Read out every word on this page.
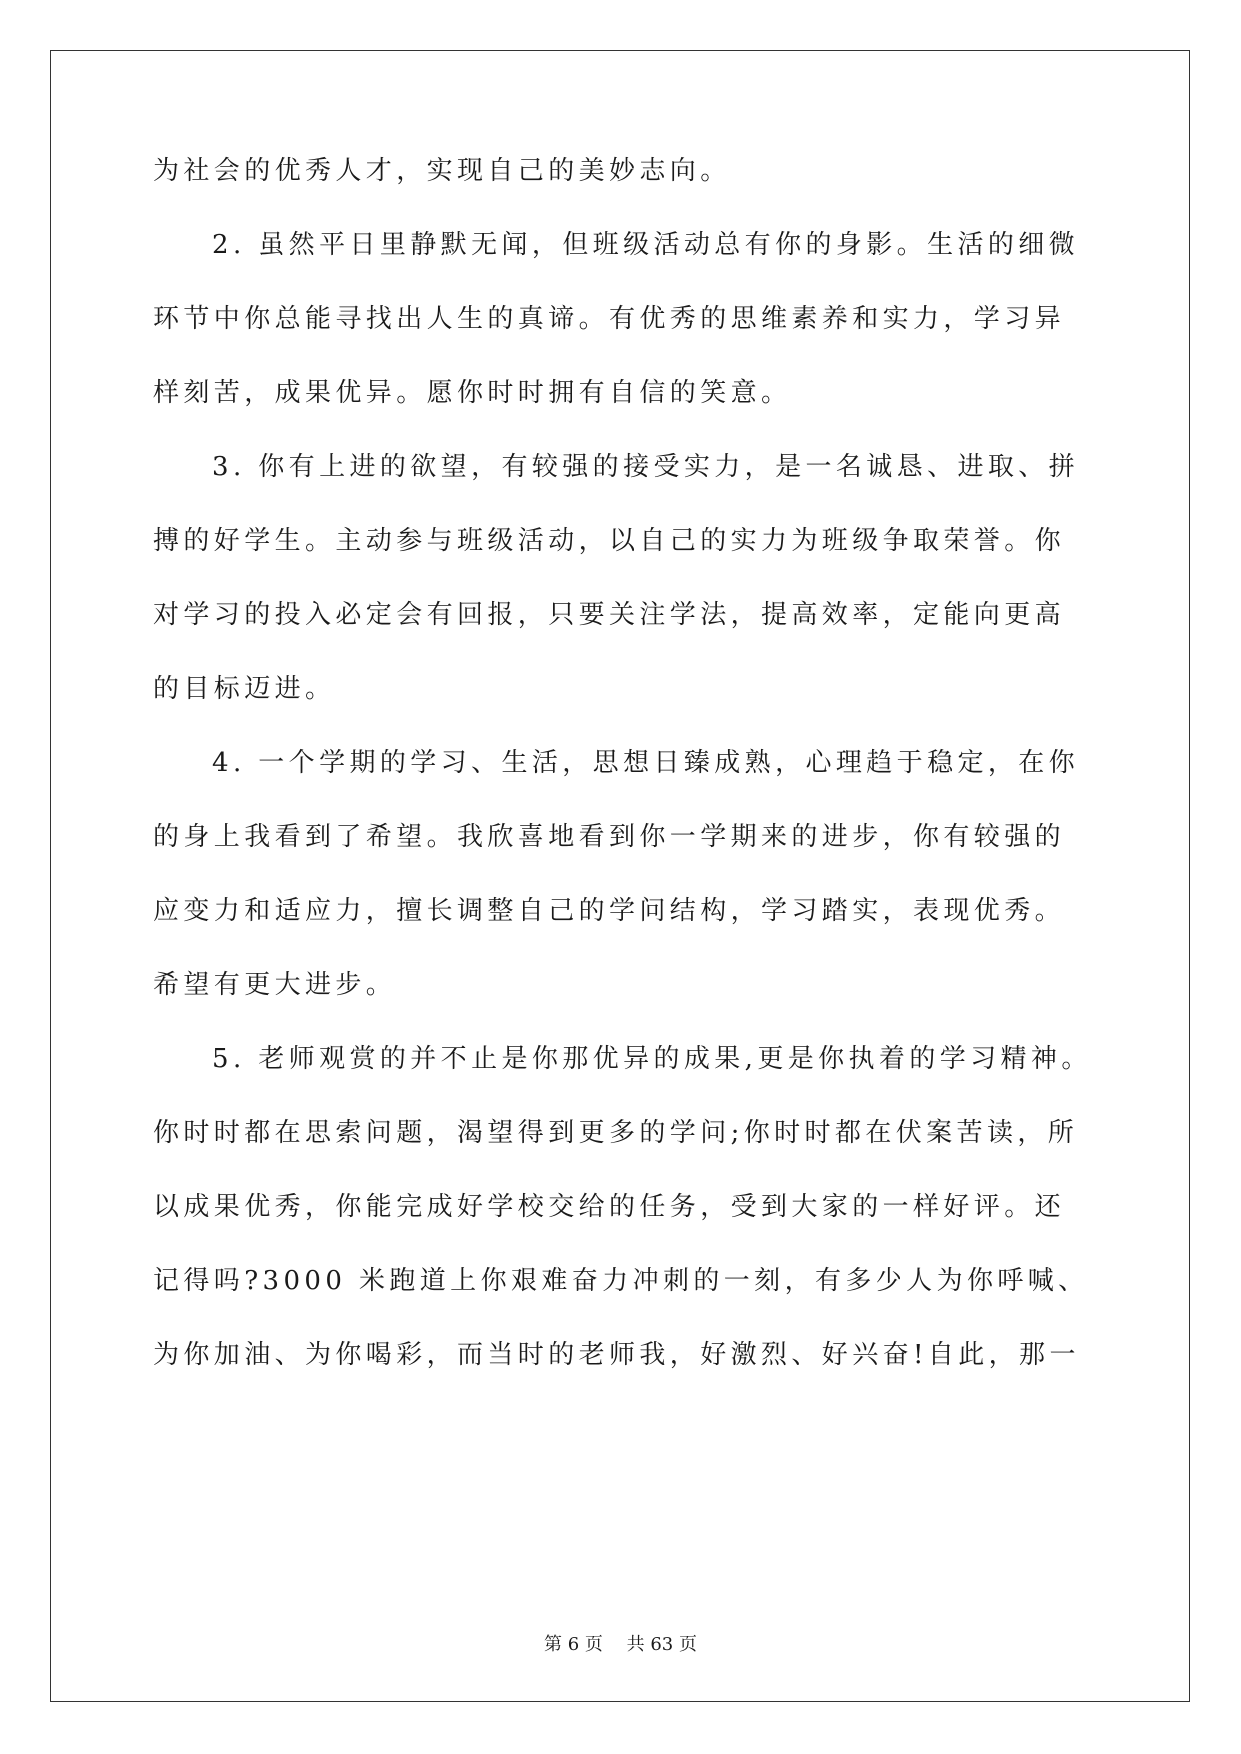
为社会的优秀人才，实现自己的美妙志向。
2. 虽然平日里静默无闻，但班级活动总有你的身影。生活的细微
环节中你总能寻找出人生的真谛。有优秀的思维素养和实力，学习异
样刻苦，成果优异。愿你时时拥有自信的笑意。
3. 你有上进的欲望，有较强的接受实力，是一名诚恳、进取、拼
搏的好学生。主动参与班级活动，以自己的实力为班级争取荣誉。你
对学习的投入必定会有回报，只要关注学法，提高效率，定能向更高
的目标迈进。
4. 一个学期的学习、生活，思想日臻成熟，心理趋于稳定，在你
的身上我看到了希望。我欣喜地看到你一学期来的进步，你有较强的
应变力和适应力，擅长调整自己的学问结构，学习踏实，表现优秀。
希望有更大进步。
5. 老师观赏的并不止是你那优异的成果,更是你执着的学习精神。
你时时都在思索问题，渴望得到更多的学问;你时时都在伏案苦读，所
以成果优秀，你能完成好学校交给的任务，受到大家的一样好评。还
记得吗?3000 米跑道上你艰难奋力冲刺的一刻，有多少人为你呼喊、
为你加油、为你喝彩，而当时的老师我，好激烈、好兴奋!自此，那一
第 6 页　 共 63 页
